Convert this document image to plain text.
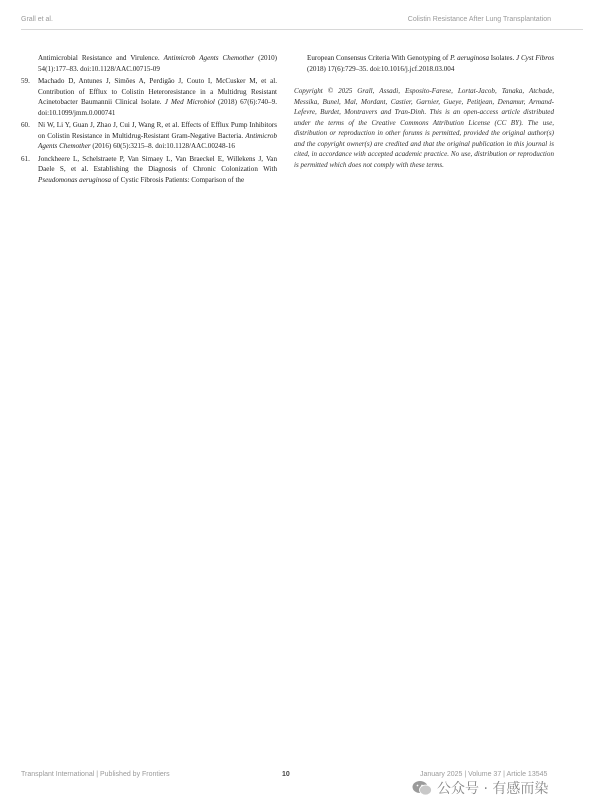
Grall et al.	Colistin Resistance After Lung Transplantation
Antimicrobial Resistance and Virulence. Antimicrob Agents Chemother (2010) 54(1):177–83. doi:10.1128/AAC.00715-09
59.	Machado D, Antunes J, Simões A, Perdigão J, Couto I, McCusker M, et al. Contribution of Efflux to Colistin Heteroresistance in a Multidrug Resistant Acinetobacter Baumannii Clinical Isolate. J Med Microbiol (2018) 67(6):740–9. doi:10.1099/jmm.0.000741
60.	Ni W, Li Y, Guan J, Zhao J, Cui J, Wang R, et al. Effects of Efflux Pump Inhibitors on Colistin Resistance in Multidrug-Resistant Gram-Negative Bacteria. Antimicrob Agents Chemother (2016) 60(5):3215–8. doi:10.1128/AAC.00248-16
61.	Jonckheere L, Schelstraete P, Van Simaey L, Van Braeckel E, Willekens J, Van Daele S, et al. Establishing the Diagnosis of Chronic Colonization With Pseudomonas aeruginosa of Cystic Fibrosis Patients: Comparison of the
European Consensus Criteria With Genotyping of P. aeruginosa Isolates. J Cyst Fibros (2018) 17(6):729–35. doi:10.1016/j.jcf.2018.03.004
Copyright © 2025 Grall, Assadi, Esposito-Farese, Lortat-Jacob, Tanaka, Atchade, Messika, Bunel, Mal, Mordant, Castier, Garnier, Gueye, Petitjean, Denamur, Armand-Lefevre, Burdet, Montravers and Tran-Dinh. This is an open-access article distributed under the terms of the Creative Commons Attribution License (CC BY). The use, distribution or reproduction in other forums is permitted, provided the original author(s) and the copyright owner(s) are credited and that the original publication in this journal is cited, in accordance with accepted academic practice. No use, distribution or reproduction is permitted which does not comply with these terms.
Transplant International | Published by Frontiers	10	January 2025 | Volume 37 | Article 13545
公众号 · 有感而染
